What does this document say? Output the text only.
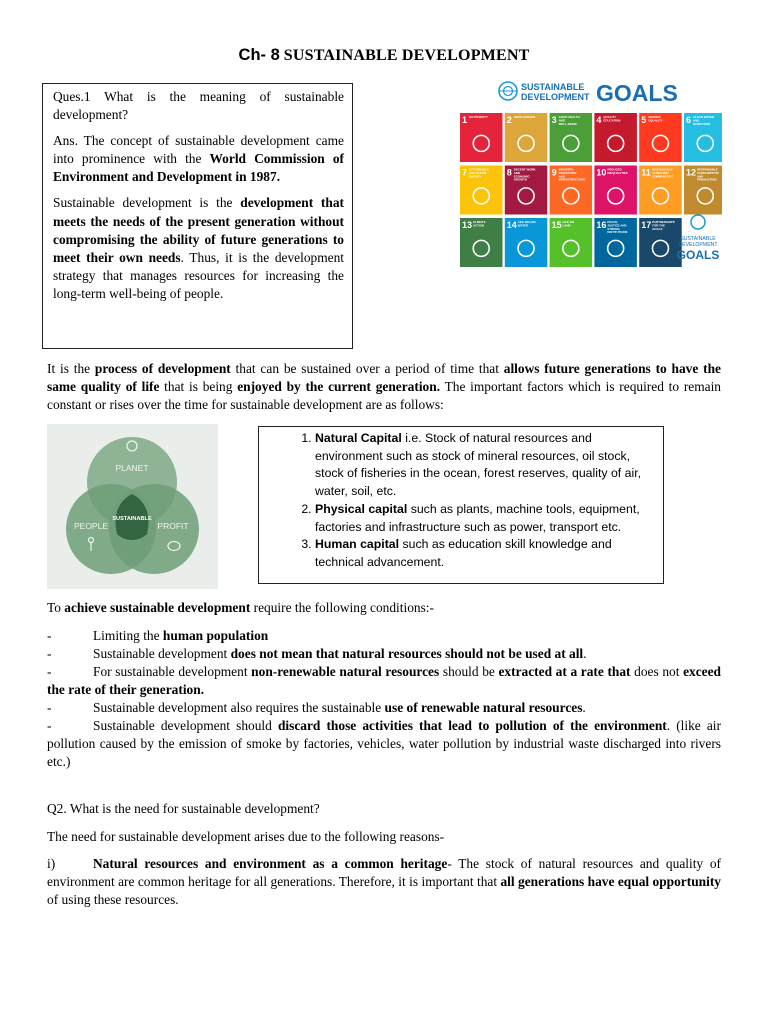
Ch- 8 SUSTAINABLE DEVELOPMENT

Ques.1 What is the meaning of sustainable development?

Ans. The concept of sustainable development came into prominence with the World Commission of Environment and Development in 1987.

Sustainable development is the development that meets the needs of the present generation without compromising the ability of future generations to meet their own needs. Thus, it is the development strategy that manages resources for increasing the long-term well-being of people.

SUSTAINABLE
DEVELOPMENT GOALS
1 NO POVERTY 2 ZERO HUNGER 3 GOOD HEALTH AND WELL-BEING	4 QUALITY EDUCATION 5 GENDER EQUALITY	6 CLEAN WATER AND SANITATION
7 AFFORDABLE AND CLEAN ENERGY	8 DECENT WORK AND ECONOMIC GROWTH
9 INDUSTRY, INNOVATION AND INFRASTRUCTURE
10 REDUCED INEQUALITIES 11 SUSTAINABLE CITIES AND COMMUNITIES 12 RESPONSIBLE CONSUMPTION AND PRODUCTION
13 CLIMATE ACTION	14 LIFE BELOW WATER	15 LIFE ON LAND	16 PEACE, JUSTICE AND STRONG INSTITUTIONS
17 PARTNERSHIPS FOR THE GOALS
SUSTAINABLE
DEVELOPMENT
GOALS
It is the process of development that can be sustained over a period of time that allows future generations to have the same quality of life that is being enjoyed by the current generation. The important factors which is required to remain constant or rises over the time for sustainable development are as follows:
PLANET
PEOPLE	PROFIT
SUSTAINABLE
1. Natural Capital i.e. Stock of natural resources and environment such as stock of mineral resources, oil stock, stock of fisheries in the ocean, forest reserves, quality of air, water, soil, etc.
2. Physical capital such as plants, machine tools, equipment, factories and infrastructure such as power, transport etc.
3. Human capital such as education skill knowledge and technical advancement.
To achieve sustainable development require the following conditions:-
-	Limiting the human population
-	Sustainable development does not mean that natural resources should not be used at all.
-	For sustainable development non-renewable natural resources should be extracted at a rate that does not exceed the rate of their generation.
-	Sustainable development also requires the sustainable use of renewable natural resources.
-	Sustainable development should discard those activities that lead to pollution of the environment. (like air pollution caused by the emission of smoke by factories, vehicles, water pollution by industrial waste discharged into rivers etc.)
Q2. What is the need for sustainable development?
The need for sustainable development arises due to the following reasons-
i)	Natural resources and environment as a common heritage- The stock of natural resources and quality of environment are common heritage for all generations. Therefore, it is important that all generations have equal opportunity of using these resources.
